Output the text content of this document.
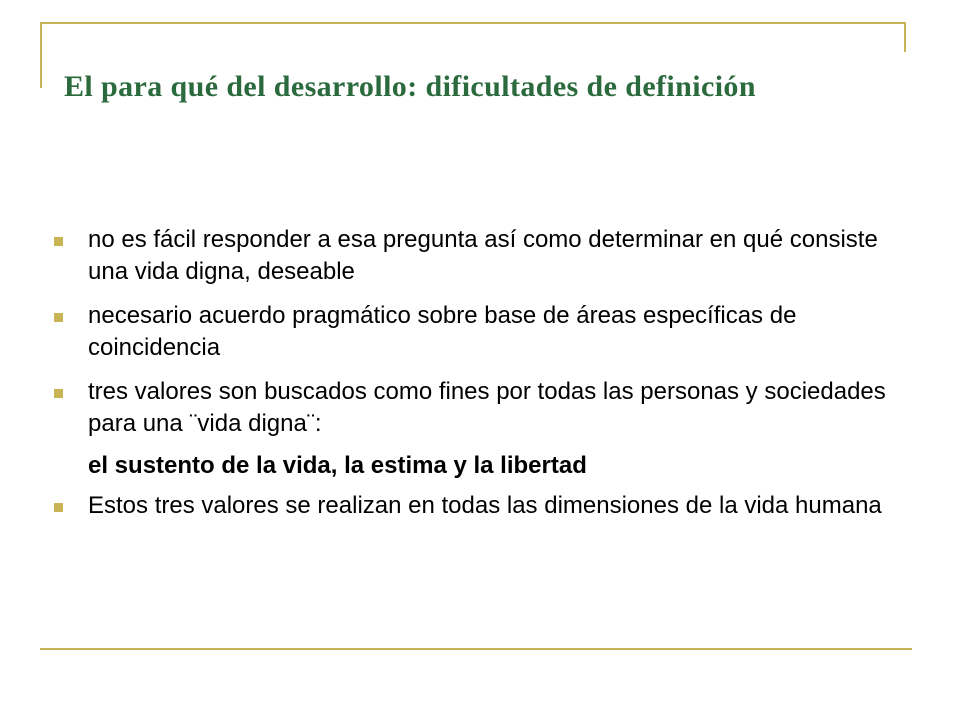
El para qué del desarrollo: dificultades de definición
no es fácil responder a esa pregunta así como determinar en qué consiste una vida digna, deseable
necesario acuerdo pragmático sobre base de áreas específicas de coincidencia
tres valores son buscados como fines por todas las personas y sociedades para una ¨vida digna¨:
el sustento de la vida, la estima y la libertad
Estos tres valores se realizan en todas las dimensiones de la vida humana
